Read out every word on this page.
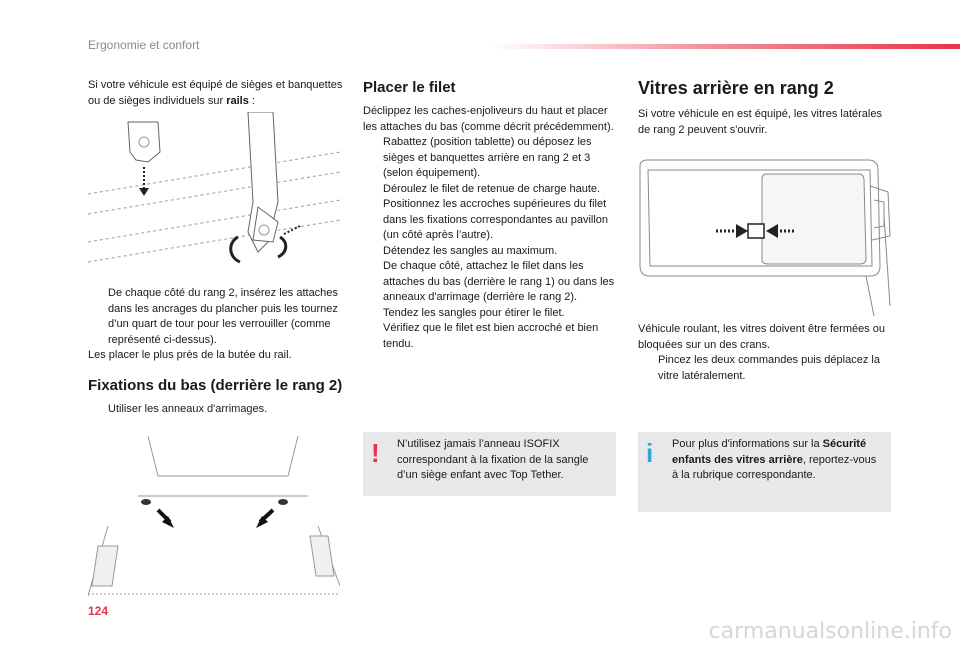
Ergonomie et confort

Si votre véhicule est équipé de sièges et banquettes ou de sièges individuels sur rails :

De chaque côté du rang 2, insérez les attaches dans les ancrages du plancher puis les tournez d’un quart de tour pour les verrouiller (comme représenté ci-dessus).

Les placer le plus près de la butée du rail.

Fixations du bas (derrière le rang 2)
Utiliser les anneaux d'arrimages.
124
Placer le filet

Déclippez les caches-enjoliveurs du haut et placer les attaches du bas (comme décrit précédemment).

Rabattez (position tablette) ou déposez les sièges et banquettes arrière en rang 2 et 3 (selon équipement).
Déroulez le filet de retenue de charge haute.
Positionnez les accroches supérieures du filet dans les fixations correspondantes au pavillon (un côté après l’autre).
Détendez les sangles au maximum.
De chaque côté, attachez le filet dans les attaches du bas (derrière le rang 1) ou dans les anneaux d'arrimage (derrière le rang 2).
Tendez les sangles pour étirer le filet.
Vérifiez que le filet est bien accroché et bien tendu.
! N’utilisez jamais l’anneau ISOFIX correspondant à la fixation de la sangle d’un siège enfant avec Top Tether.
Vitres arrière en rang 2

Si votre véhicule en est équipé, les vitres latérales de rang 2 peuvent s'ouvrir.

Véhicule roulant, les vitres doivent être fermées ou bloquées sur un des crans.

Pincez les deux commandes puis déplacez la vitre latéralement.
i Pour plus d'informations sur la Sécurité enfants des vitres arrière, reportez-vous à la rubrique correspondante.
carmanualsonline.info
